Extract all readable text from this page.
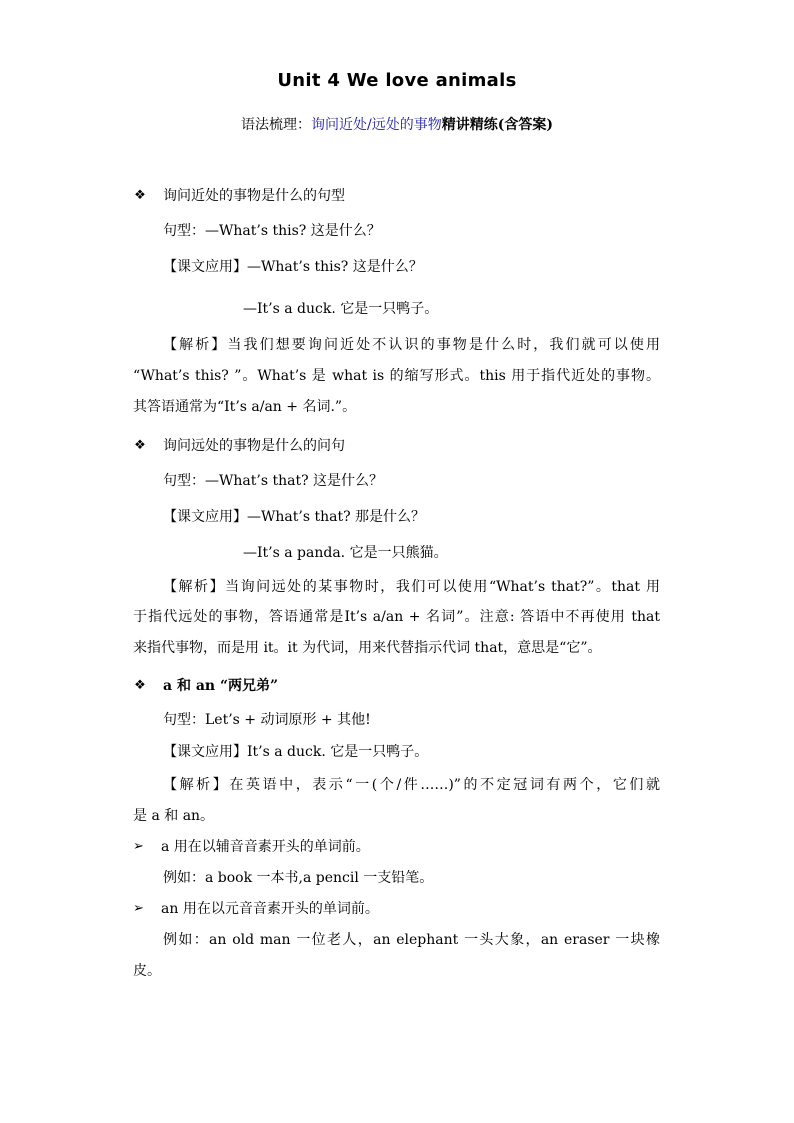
Unit 4 We love animals
语法梳理：询问近处/远处的事物精讲精练(含答案)
❖ 询问近处的事物是什么的句型
句型：—What’s this? 这是什么？
【课文应用】—What’s this? 这是什么？
—It’s a duck. 它是一只鸭子。
【解析】当我们想要询问近处不认识的事物是什么时，我们就可以使用
“What’s this? ”。What’s 是 what is 的缩写形式。this 用于指代近处的事物。
其答语通常为“It’s a/an + 名词.”。
❖ 询问远处的事物是什么的问句
句型：—What’s that? 这是什么？
【课文应用】—What’s that? 那是什么？
—It’s a panda. 它是一只熊猫。
【解析】当询问远处的某事物时，我们可以使用“What’s that?”。that 用
于指代远处的事物，答语通常是It’s a/an + 名词”。注意: 答语中不再使用 that
来指代事物，而是用 it。it 为代词，用来代替指示代词 that，意思是“它”。
❖ a 和 an “两兄弟”
句型：Let’s + 动词原形 + 其他!
【课文应用】It’s a duck. 它是一只鸭子。
【解析】在英语中，表示“一(个/件……)”的不定冠词有两个，它们就
是 a 和 an。
➢ a 用在以辅音音素开头的单词前。
例如：a book 一本书,a pencil 一支铅笔。
➢ an 用在以元音音素开头的单词前。
例如：an old man 一位老人，an elephant 一头大象，an eraser 一块橡
皮。
